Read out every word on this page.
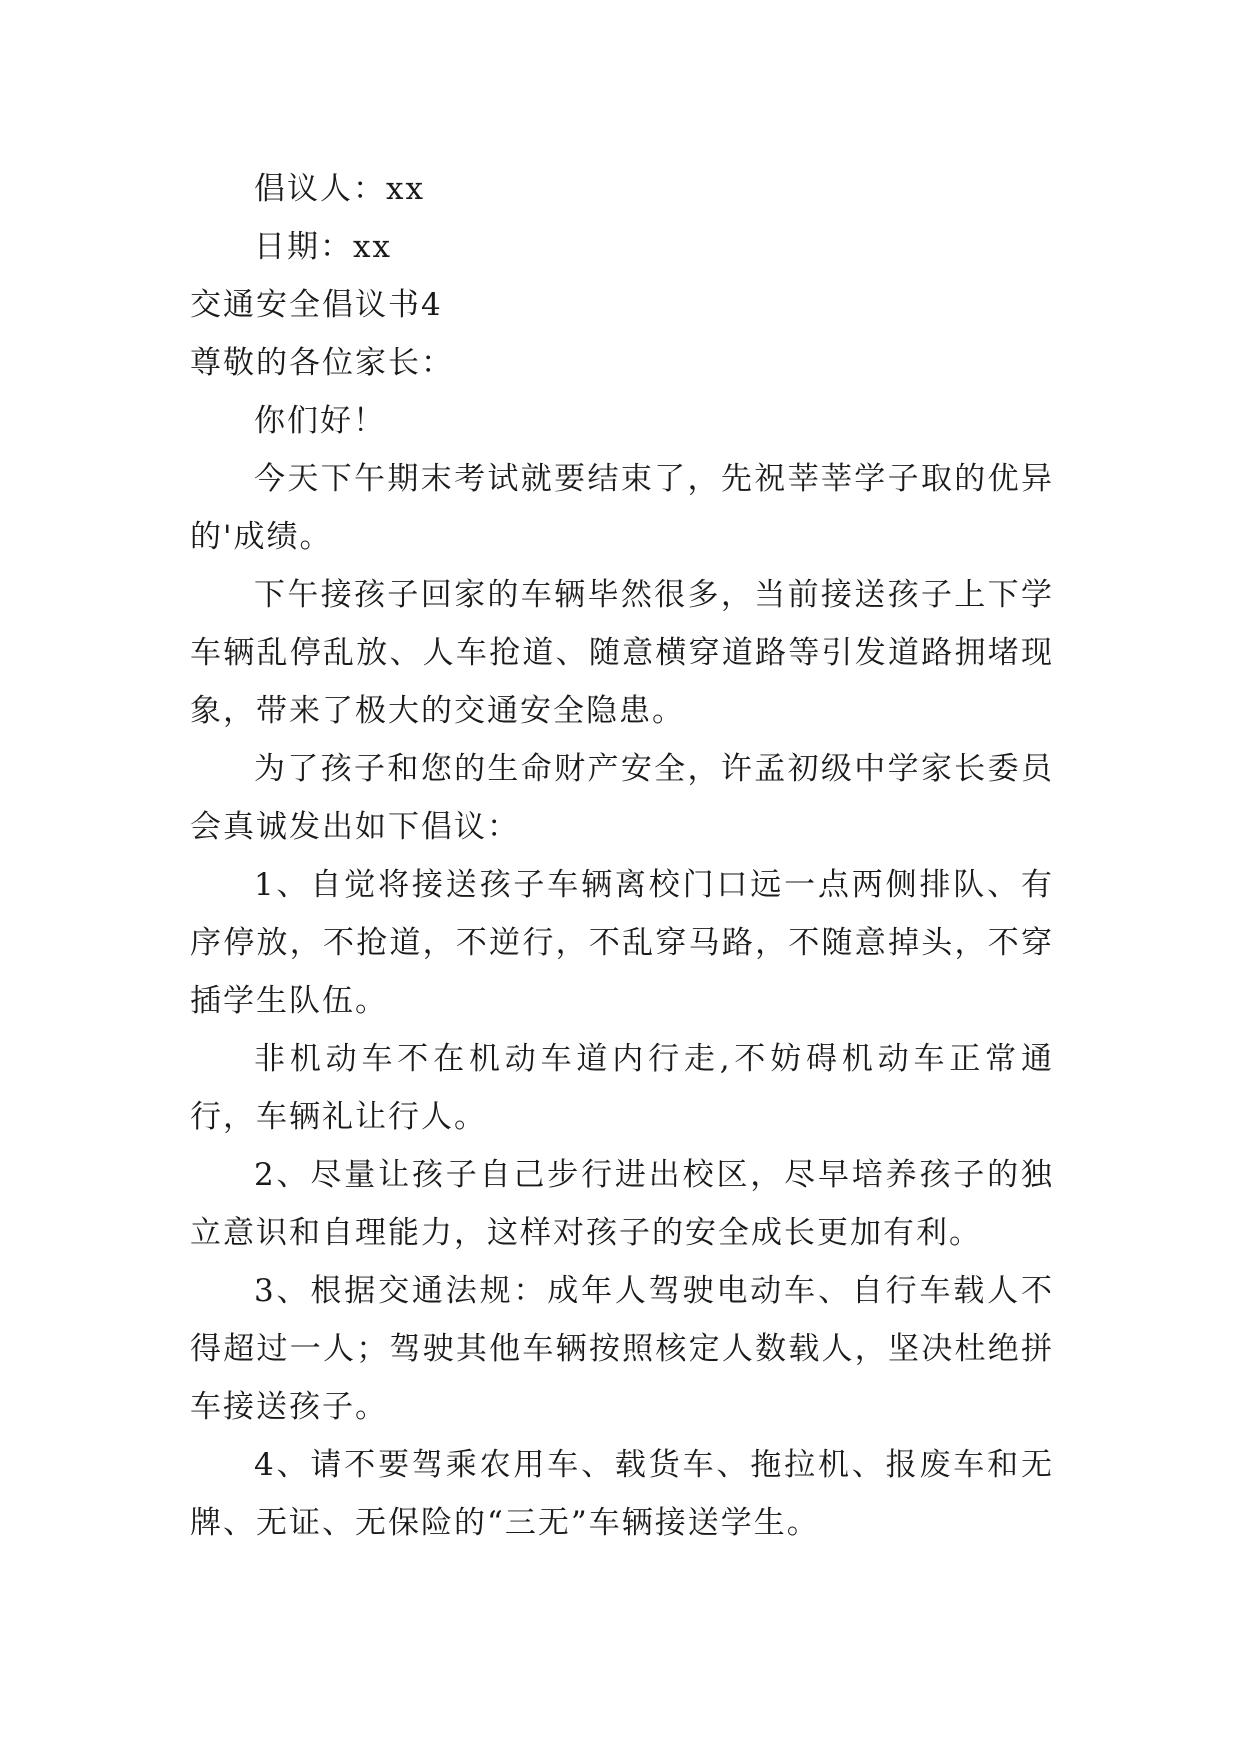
倡议人：xx

日期：xx

交通安全倡议书4

尊敬的各位家长：

你们好！

今天下午期末考试就要结束了，先祝莘莘学子取的优异的'成绩。

下午接孩子回家的车辆毕然很多，当前接送孩子上下学车辆乱停乱放、人车抢道、随意横穿道路等引发道路拥堵现象，带来了极大的交通安全隐患。

为了孩子和您的生命财产安全，许孟初级中学家长委员会真诚发出如下倡议：

1、自觉将接送孩子车辆离校门口远一点两侧排队、有序停放，不抢道，不逆行，不乱穿马路，不随意掉头，不穿插学生队伍。

非机动车不在机动车道内行走,不妨碍机动车正常通行，车辆礼让行人。

2、尽量让孩子自己步行进出校区，尽早培养孩子的独立意识和自理能力，这样对孩子的安全成长更加有利。

3、根据交通法规：成年人驾驶电动车、自行车载人不得超过一人；驾驶其他车辆按照核定人数载人，坚决杜绝拼车接送孩子。

4、请不要驾乘农用车、载货车、拖拉机、报废车和无牌、无证、无保险的“三无”车辆接送学生。
